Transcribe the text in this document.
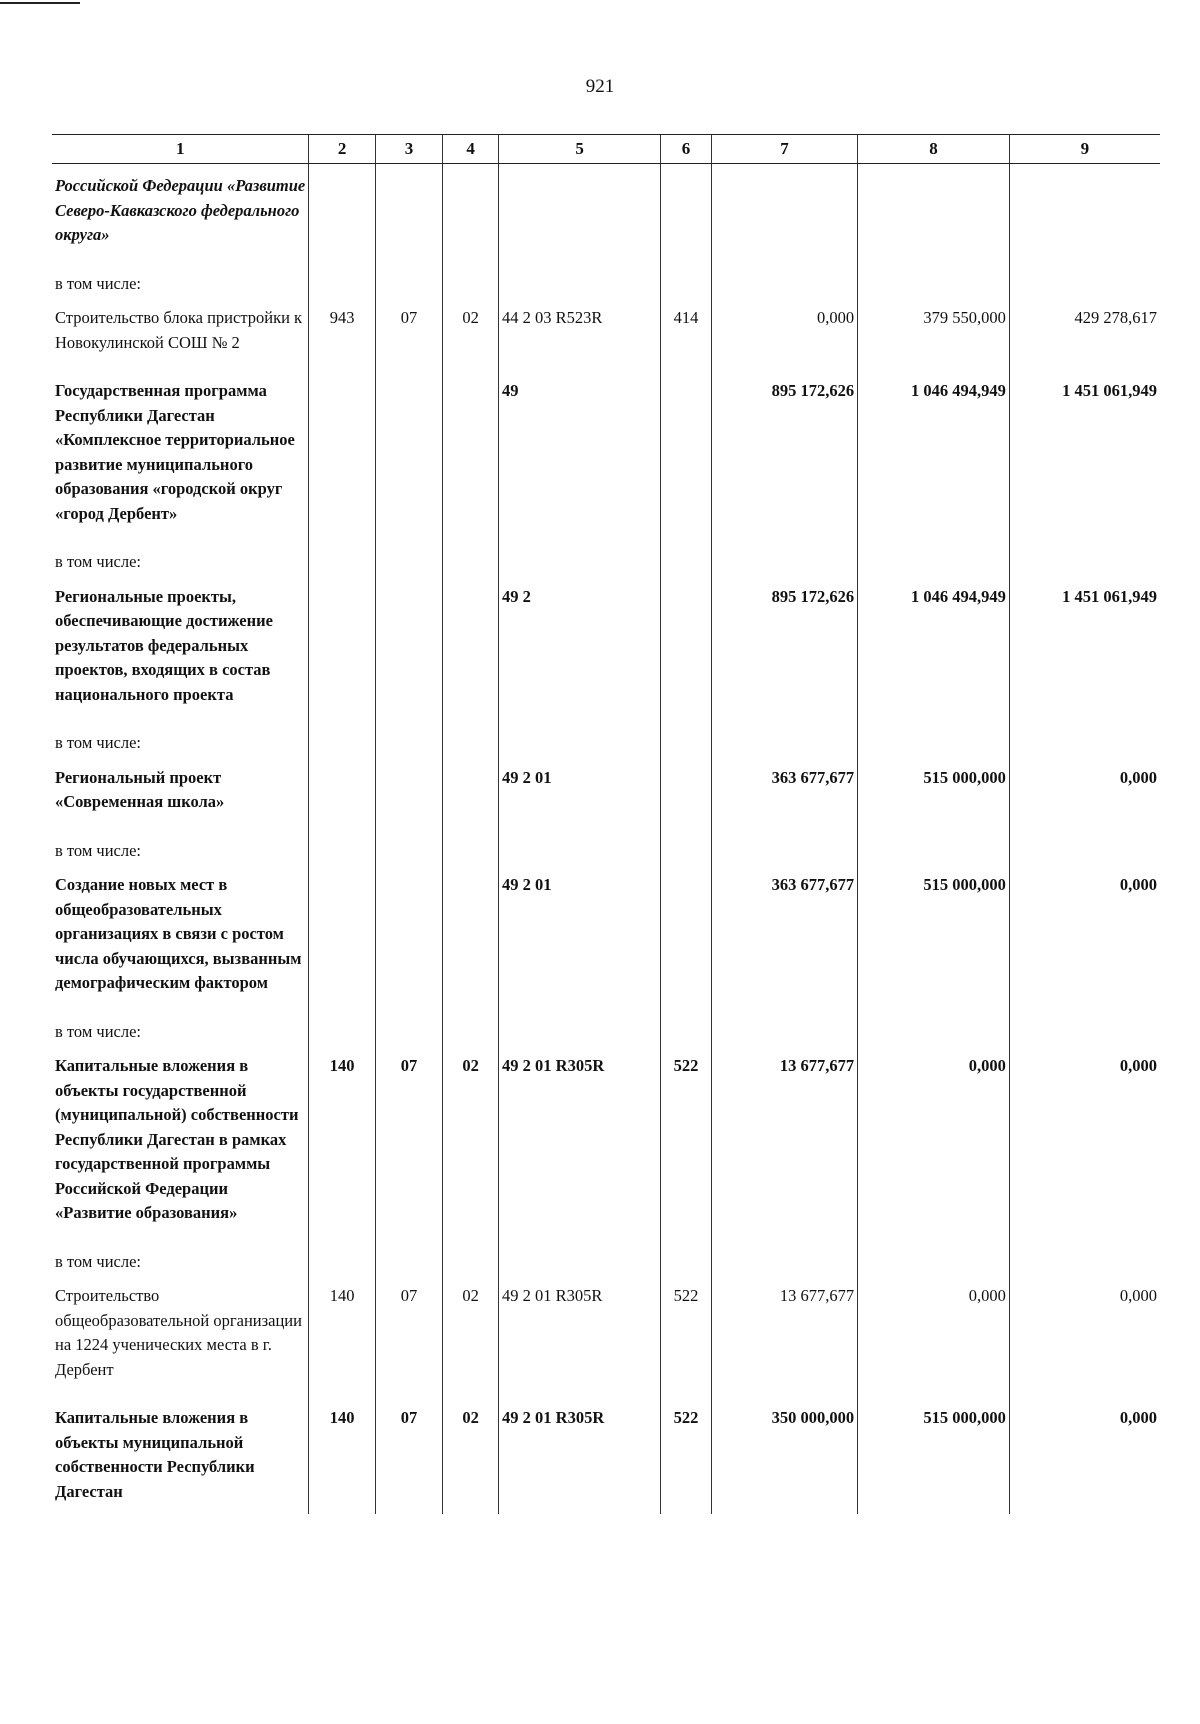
921
1	2	3	4	5	6	7	8	9
Российской Федерации «Развитие Северо-Кавказского федерального округа»								
в том числе:								
Строительство блока пристройки к Новокулинской СОШ № 2	943	07	02	44 2 03 R523R	414	0,000	379 550,000	429 278,617
Государственная программа Республики Дагестан «Комплексное территориальное развитие муниципального образования «городской округ «город Дербент»				49		895 172,626	1 046 494,949	1 451 061,949
в том числе:								
Региональные проекты, обеспечивающие достижение результатов федеральных проектов, входящих в состав национального проекта				49 2		895 172,626	1 046 494,949	1 451 061,949
в том числе:								
Региональный проект «Современная школа»				49 2 01		363 677,677	515 000,000	0,000
в том числе:								
Создание новых мест в общеобразовательных организациях в связи с ростом числа обучающихся, вызванным демографическим фактором				49 2 01		363 677,677	515 000,000	0,000
в том числе:								
Капитальные вложения в объекты государственной (муниципальной) собственности Республики Дагестан в рамках государственной программы Российской Федерации «Развитие образования»	140	07	02	49 2 01 R305R	522	13 677,677	0,000	0,000
в том числе:								
Строительство общеобразовательной организации на 1224 ученических места в г. Дербент	140	07	02	49 2 01 R305R	522	13 677,677	0,000	0,000
Капитальные вложения в объекты муниципальной собственности Республики Дагестан	140	07	02	49 2 01 R305R	522	350 000,000	515 000,000	0,000
